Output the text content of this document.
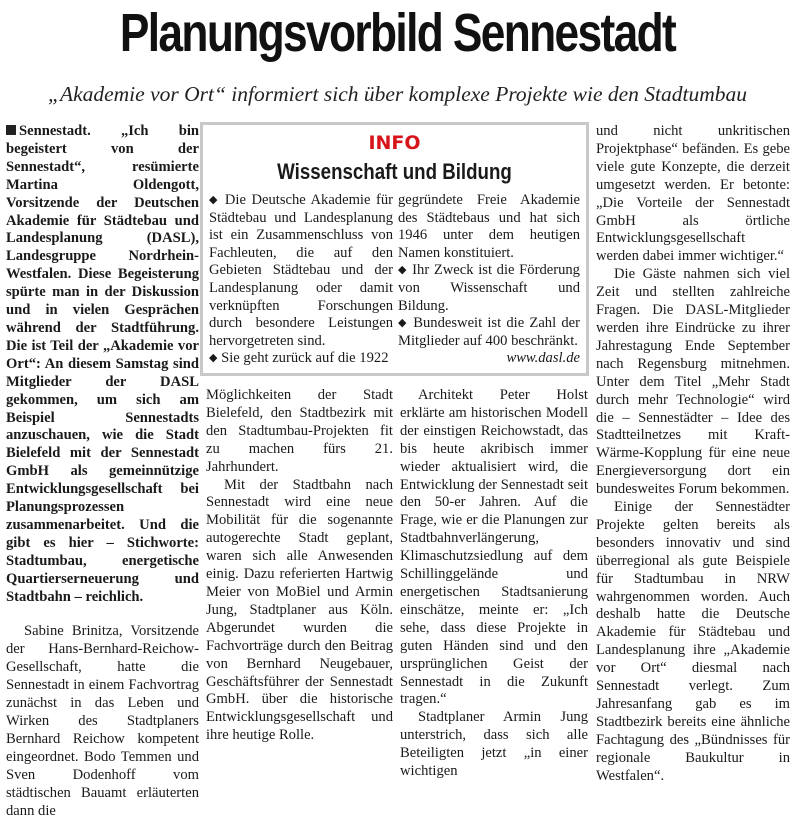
Planungsvorbild Sennestadt
„Akademie vor Ort“ informiert sich über komplexe Projekte wie den Stadtumbau

Sennestadt. „Ich bin begeistert von der Sennestadt“, resümierte Martina Oldengott, Vorsitzende der Deutschen Akademie für Städtebau und Landesplanung (DASL), Landesgruppe Nordrhein-Westfalen. Diese Begeisterung spürte man in der Diskussion und in vielen Gesprächen während der Stadtführung. Die ist Teil der „Akademie vor Ort“: An diesem Samstag sind Mitglieder der DASL gekommen, um sich am Beispiel Sennestadts anzuschauen, wie die Stadt Bielefeld mit der Sennestadt GmbH als gemeinnützige Entwicklungsgesellschaft bei Planungsprozessen zusammenarbeitet. Und die gibt es hier – Stichworte: Stadtumbau, energetische Quartierserneuerung und Stadtbahn – reichlich.

Sabine Brinitza, Vorsitzende der Hans-Bernhard-Reichow-Gesellschaft, hatte die Sennestadt in einem Fachvortrag zunächst in das Leben und Wirken des Stadtplaners Bernhard Reichow kompetent eingeordnet. Bodo Temmen und Sven Dodenhoff vom städtischen Bauamt erläuterten dann die

INFO
Wissenschaft und Bildung

◆ Die Deutsche Akademie für Städtebau und Landesplanung ist ein Zusammenschluss von Fachleuten, die auf den Gebieten Städtebau und der Landesplanung oder damit verknüpften Forschungen durch besondere Leistungen hervorgetreten sind.

◆ Sie geht zurück auf die 1922

gegründete Freie Akademie des Städtebaus und hat sich 1946 unter dem heutigen Namen konstituiert.

◆ Ihr Zweck ist die Förderung von Wissenschaft und Bildung.

◆ Bundesweit ist die Zahl der Mitglieder auf 400 beschränkt.
www.dasl.de

Möglichkeiten der Stadt Bielefeld, den Stadtbezirk mit den Stadtumbau-Projekten fit zu machen fürs 21. Jahrhundert.

Mit der Stadtbahn nach Sennestadt wird eine neue Mobilität für die sogenannte autogerechte Stadt geplant, waren sich alle Anwesenden einig. Dazu referierten Hartwig Meier von MoBiel und Armin Jung, Stadtplaner aus Köln. Abgerundet wurden die Fachvorträge durch den Beitrag von Bernhard Neugebauer, Geschäftsführer der Sennestadt GmbH. über die historische Entwicklungsgesellschaft und ihre heutige Rolle.

Architekt Peter Holst erklärte am historischen Modell der einstigen Reichowstadt, das bis heute akribisch immer wieder aktualisiert wird, die Entwicklung der Sennestadt seit den 50-er Jahren. Auf die Frage, wie er die Planungen zur Stadtbahnverlängerung, Klimaschutzsiedlung auf dem Schillinggelände und energetischen Stadtsanierung einschätze, meinte er: „Ich sehe, dass diese Projekte in guten Händen sind und den ursprünglichen Geist der Sennestadt in die Zukunft tragen.“

Stadtplaner Armin Jung unterstrich, dass sich alle Beteiligten jetzt „in einer wichtigen

und nicht unkritischen Projektphase“ befänden. Es gebe viele gute Konzepte, die derzeit umgesetzt werden. Er betonte: „Die Vorteile der Sennestadt GmbH als örtliche Entwicklungsgesellschaft werden dabei immer wichtiger.“

Die Gäste nahmen sich viel Zeit und stellten zahlreiche Fragen. Die DASL-Mitglieder werden ihre Eindrücke zu ihrer Jahrestagung Ende September nach Regensburg mitnehmen. Unter dem Titel „Mehr Stadt durch mehr Technologie“ wird die – Sennestädter – Idee des Stadtteilnetzes mit Kraft-Wärme-Kopplung für eine neue Energieversorgung dort ein bundesweites Forum bekommen.

Einige der Sennestädter Projekte gelten bereits als besonders innovativ und sind überregional als gute Beispiele für Stadtumbau in NRW wahrgenommen worden. Auch deshalb hatte die Deutsche Akademie für Städtebau und Landesplanung ihre „Akademie vor Ort“ diesmal nach Sennestadt verlegt. Zum Jahresanfang gab es im Stadtbezirk bereits eine ähnliche Fachtagung des „Bündnisses für regionale Baukultur in Westfalen“.
